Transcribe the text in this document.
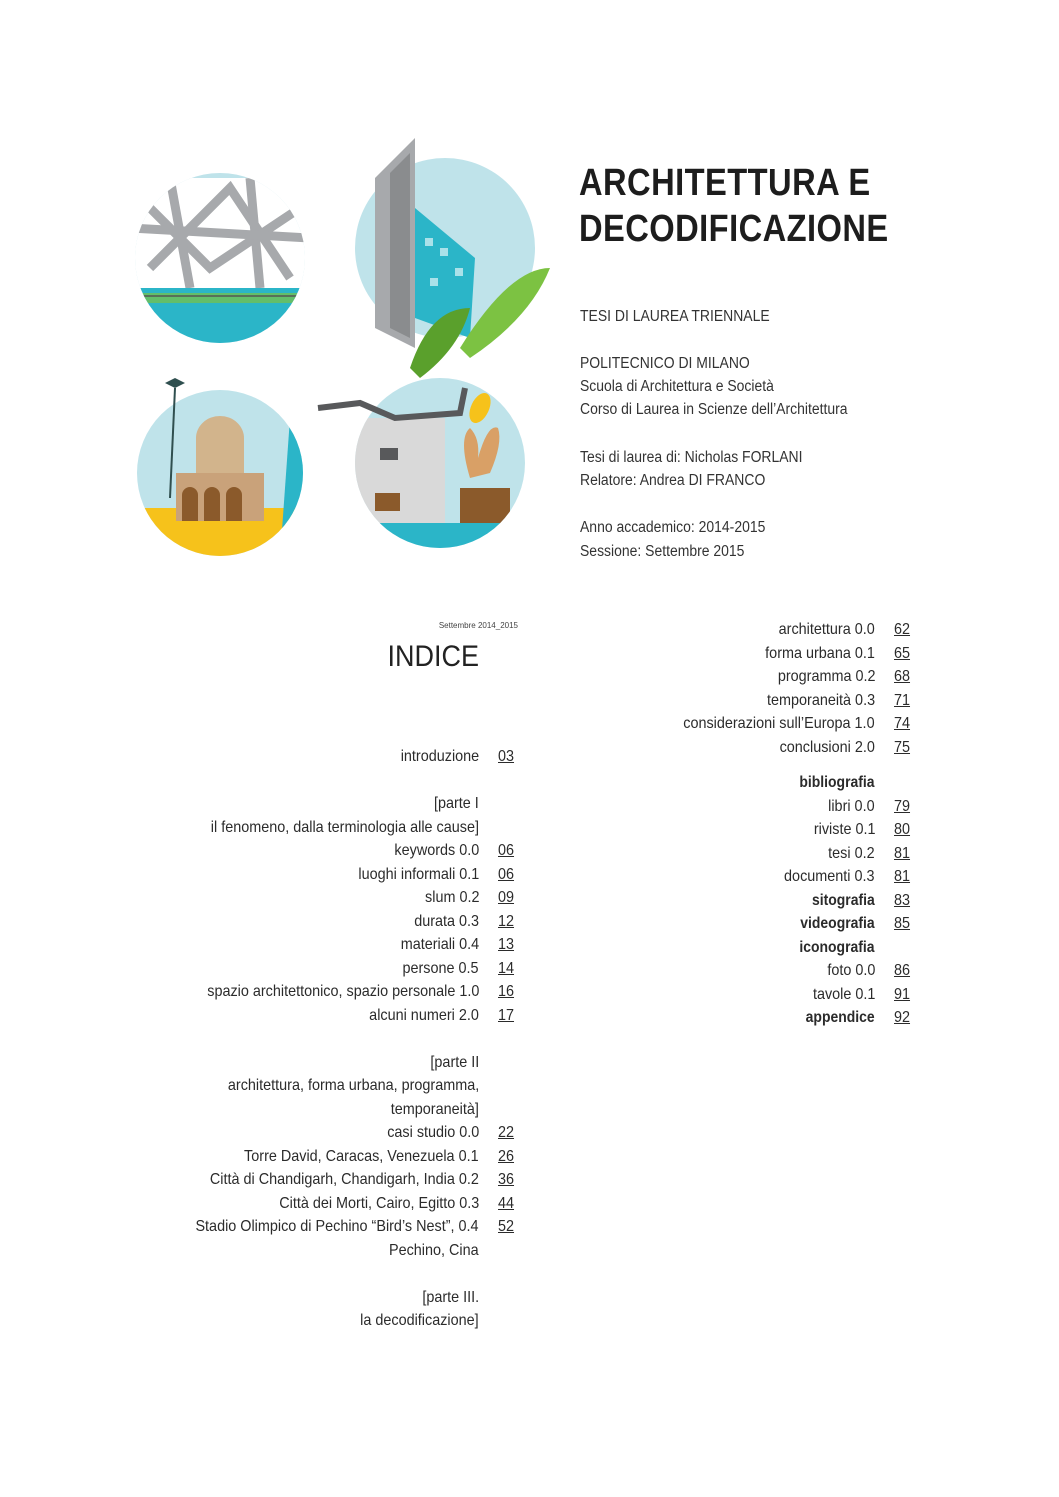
ARCHITETTURA E
DECODIFICAZIONE
TESI DI LAUREA TRIENNALE
POLITECNICO DI MILANO
Scuola di Architettura e Società
Corso di Laurea in Scienze dell’Architettura
Tesi di laurea di: Nicholas FORLANI
Relatore: Andrea DI FRANCO
Anno accademico: 2014-2015
Sessione: Settembre 2015
Settembre 2014_2015
INDICE
introduzione 03
[parte I
il fenomeno, dalla terminologia alle cause]
keywords 0.0 06
luoghi informali 0.1 06
slum 0.2 09
durata 0.3 12
materiali 0.4 13
persone 0.5 14
spazio architettonico, spazio personale 1.0 16
alcuni numeri 2.0 17
[parte II
architettura, forma urbana, programma,
temporaneità]
casi studio 0.0 22
Torre David, Caracas, Venezuela 0.1 26
Città di Chandigarh, Chandigarh, India 0.2 36
Città dei Morti, Cairo, Egitto 0.3 44
Stadio Olimpico di Pechino “Bird’s Nest”, 0.4 52
Pechino, Cina
[parte III.
la decodificazione]
architettura 0.0 62
forma urbana 0.1 65
programma 0.2 68
temporaneità 0.3 71
considerazioni sull’Europa 1.0 74
conclusioni 2.0 75
bibliografia
libri 0.0 79
riviste 0.1 80
tesi 0.2 81
documenti 0.3 81
sitografia 83
videografia 85
iconografia
foto 0.0 86
tavole 0.1 91
appendice 92
